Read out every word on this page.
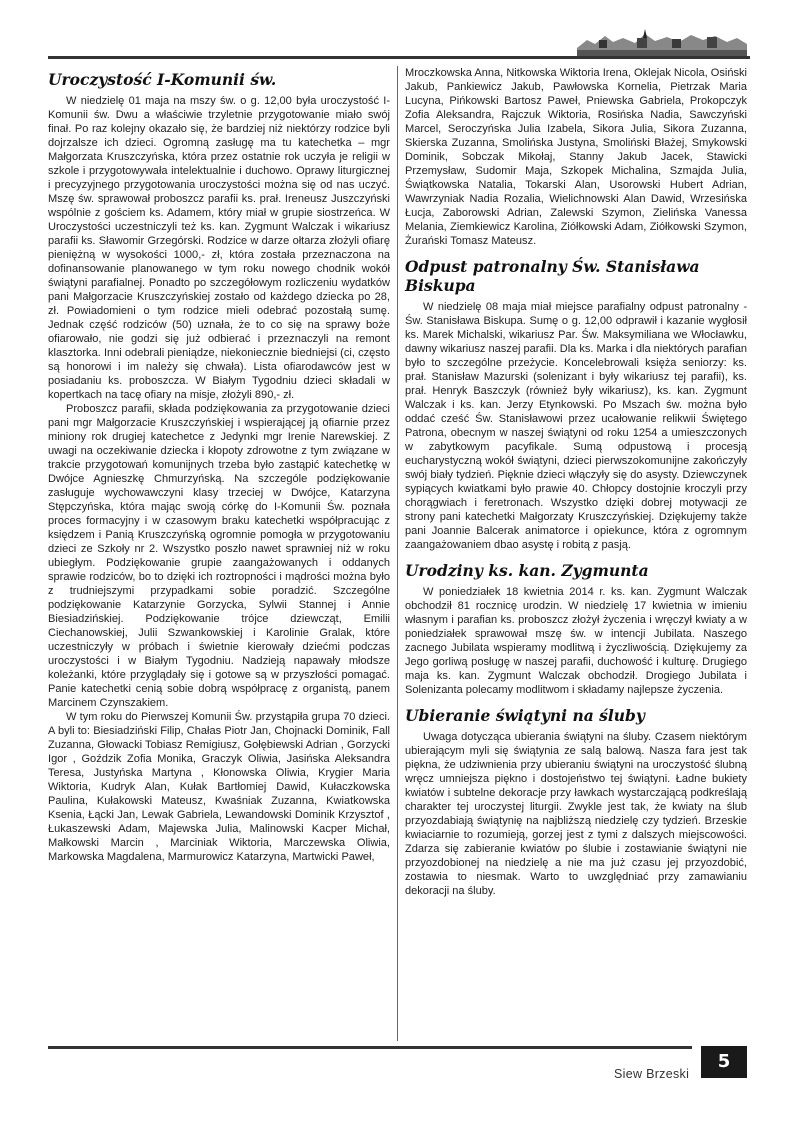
Uroczystość I-Komunii św.

W niedzielę 01 maja na mszy św. o g. 12,00 była uroczystość I-Komunii św. Dwu a właściwie trzyletnie przygotowanie miało swój finał. Po raz kolejny okazało się, że bardziej niż niektórzy rodzice byli dojrzalsze ich dzieci. Ogromną zasługę ma tu katechetka – mgr Małgorzata Kruszczyńska, która przez ostatnie rok uczyła je religii w szkole i przygotowywała intelektualnie i duchowo. Oprawy liturgicznej i precyzyjnego przygotowania uroczystości można się od nas uczyć. Mszę św. sprawował proboszcz parafii ks. prał. Ireneusz Juszczyński wspólnie z gościem ks. Adamem, który miał w grupie siostrzeńca. W Uroczystości uczestniczyli też ks. kan. Zygmunt Walczak i wikariusz parafii ks. Sławomir Grzegórski. Rodzice w darze ołtarza złożyli ofiarę pieniężną w wysokości 1000,- zł, która została przeznaczona na dofinansowanie planowanego w tym roku nowego chodnik wokół świątyni parafialnej. Ponadto po szczegółowym rozliczeniu wydatków pani Małgorzacie Kruszczyńskiej zostało od każdego dziecka po 28, zł. Powiadomieni o tym rodzice mieli odebrać pozostałą sumę. Jednak część rodziców (50) uznała, że to co się na sprawy boże ofiarowało, nie godzi się już odbierać i przeznaczyli na remont klasztorka. Inni odebrali pieniądze, niekoniecznie biedniejsi (ci, często są honorowi i im należy się chwała). Lista ofiarodawców jest w posiadaniu ks. proboszcza. W Białym Tygodniu dzieci składali w kopertkach na tacę ofiary na misje, złożyli 890,- zł.

Proboszcz parafii, składa podziękowania za przygotowanie dzieci pani mgr Małgorzacie Kruszczyńskiej i wspierającej ją ofiarnie przez miniony rok drugiej katechetce z Jedynki mgr Irenie Narewskiej. Z uwagi na oczekiwanie dziecka i kłopoty zdrowotne z tym związane w trakcie przygotowań komunijnych trzeba było zastąpić katechetkę w Dwójce Agnieszkę Chmurzyńską. Na szczególe podziękowanie zasługuje wychowawczyni klasy trzeciej w Dwójce, Katarzyna Stępczyńska, która mając swoją córkę do I-Komunii Św. poznała proces formacyjny i w czasowym braku katechetki współpracując z księdzem i Panią Kruszczyńską ogromnie pomogła w przygotowaniu dzieci ze Szkoły nr 2. Wszystko poszło nawet sprawniej niż w roku ubiegłym. Podziękowanie grupie zaangażowanych i oddanych sprawie rodziców, bo to dzięki ich roztropności i mądrości można było z trudniejszymi przypadkami sobie poradzić. Szczególne podziękowanie Katarzynie Gorzycka, Sylwii Stannej i Annie Biesiadzińskiej. Podziękowanie trójce dziewcząt, Emilii Ciechanowskiej, Julii Szwankowskiej i Karolinie Gralak, które uczestniczyły w próbach i świetnie kierowały dziećmi podczas uroczystości i w Białym Tygodniu. Nadzieją napawały młodsze koleżanki, które przyglądały się i gotowe są w przyszłości pomagać. Panie katechetki cenią sobie dobrą współpracę z organistą, panem Marcinem Czynszakiem.

W tym roku do Pierwszej Komunii Św. przystąpiła grupa 70 dzieci. A byli to: Biesiadziński Filip, Chałas Piotr Jan, Chojnacki Dominik, Fall Zuzanna, Głowacki Tobiasz Remigiusz, Gołębiewski Adrian , Gorzycki Igor , Goździk Zofia Monika, Graczyk Oliwia, Jasińska Aleksandra Teresa, Justyńska Martyna , Kłonowska Oliwia, Krygier Maria Wiktoria, Kudryk Alan, Kułak Bartłomiej Dawid, Kułaczkowska Paulina, Kułakowski Mateusz, Kwaśniak Zuzanna, Kwiatkowska Ksenia, Łącki Jan, Lewak Gabriela, Lewandowski Dominik Krzysztof , Łukaszewski Adam, Majewska Julia, Malinowski Kacper Michał, Małkowski Marcin , Marciniak Wiktoria, Marczewska Oliwia, Markowska Magdalena, Marmurowicz Katarzyna, Martwicki Paweł,

Mroczkowska Anna, Nitkowska Wiktoria Irena, Oklejak Nicola, Osiński Jakub, Pankiewicz Jakub, Pawłowska Kornelia, Pietrzak Maria Lucyna, Pińkowski Bartosz Paweł, Pniewska Gabriela, Prokopczyk Zofia Aleksandra, Rajczuk Wiktoria, Rosińska Nadia, Sawczyński Marcel, Seroczyńska Julia Izabela, Sikora Julia, Sikora Zuzanna, Skierska Zuzanna, Smolińska Justyna, Smoliński Błażej, Smykowski Dominik, Sobczak Mikołaj, Stanny Jakub Jacek, Stawicki Przemysław, Sudomir Maja, Szkopek Michalina, Szmajda Julia, Świątkowska Natalia, Tokarski Alan, Usorowski Hubert Adrian, Wawrzyniak Nadia Rozalia, Wielichnowski Alan Dawid, Wrzesińska Łucja, Zaborowski Adrian, Zalewski Szymon, Zielińska Vanessa Melania, Ziemkiewicz Karolina, Ziółkowski Adam, Ziółkowski Szymon, Żurański Tomasz Mateusz.

Odpust patronalny Św. Stanisława Biskupa

W niedzielę 08 maja miał miejsce parafialny odpust patronalny - Św. Stanisława Biskupa. Sumę o g. 12,00 odprawił i kazanie wygłosił ks. Marek Michalski, wikariusz Par. Św. Maksymiliana we Włocławku, dawny wikariusz naszej parafii. Dla ks. Marka i dla niektórych parafian było to szczególne przeżycie. Koncelebrowali księża seniorzy: ks. prał. Stanisław Mazurski (solenizant i były wikariusz tej parafii), ks. prał. Henryk Baszczyk (również były wikariusz), ks. kan. Zygmunt Walczak i ks. kan. Jerzy Etynkowski. Po Mszach św. można było oddać cześć Św. Stanisławowi przez ucałowanie relikwii Świętego Patrona, obecnym w naszej świątyni od roku 1254 a umieszczonych w zabytkowym pacyfikale. Sumą odpustową i procesją eucharystyczną wokół świątyni, dzieci pierwszokomunijne zakończyły swój biały tydzień. Pięknie dzieci włączyły się do asysty. Dziewczynek sypiących kwiatkami było prawie 40. Chłopcy dostojnie kroczyli przy chorągwiach i feretronach. Wszystko dzięki dobrej motywacji ze strony pani katechetki Małgorzaty Kruszczyńskiej. Dziękujemy także pani Joannie Balcerak animatorce i opiekunce, która z ogromnym zaangażowaniem dbao asystę i robitą z pasją.

Urodziny ks. kan. Zygmunta

W poniedziałek 18 kwietnia 2014 r. ks. kan. Zygmunt Walczak obchodził 81 rocznicę urodzin. W niedzielę 17 kwietnia w imieniu własnym i parafian ks. proboszcz złożył życzenia i wręczył kwiaty a w poniedziałek sprawował mszę św. w intencji Jubilata. Naszego zacnego Jubilata wspieramy modlitwą i życzliwością. Dziękujemy za Jego gorliwą posługę w naszej parafii, duchowość i kulturę. Drugiego maja ks. kan. Zygmunt Walczak obchodził. Drogiego Jubilata i Solenizanta polecamy modlitwom i składamy najlepsze życzenia.

Ubieranie świątyni na śluby

Uwaga dotycząca ubierania świątyni na śluby. Czasem niektórym ubierającym myli się świątynia ze salą balową. Nasza fara jest tak piękna, że udziwnienia przy ubieraniu świątyni na uroczystość ślubną wręcz umniejsza piękno i dostojeństwo tej świątyni. Ładne bukiety kwiatów i subtelne dekoracje przy ławkach wystarczającą podkreślają charakter tej uroczystej liturgii. Zwykle jest tak, że kwiaty na ślub przyozdabiają świątynię na najbliższą niedzielę czy tydzień. Brzeskie kwiaciarnie to rozumieją, gorzej jest z tymi z dalszych miejscowości. Zdarza się zabieranie kwiatów po ślubie i zostawianie świątyni nie przyozdobionej na niedzielę a nie ma już czasu jej przyozdobić, zostawia to niesmak. Warto to uwzględniać przy zamawianiu dekoracji na śluby.

Siew Brzeski
5
